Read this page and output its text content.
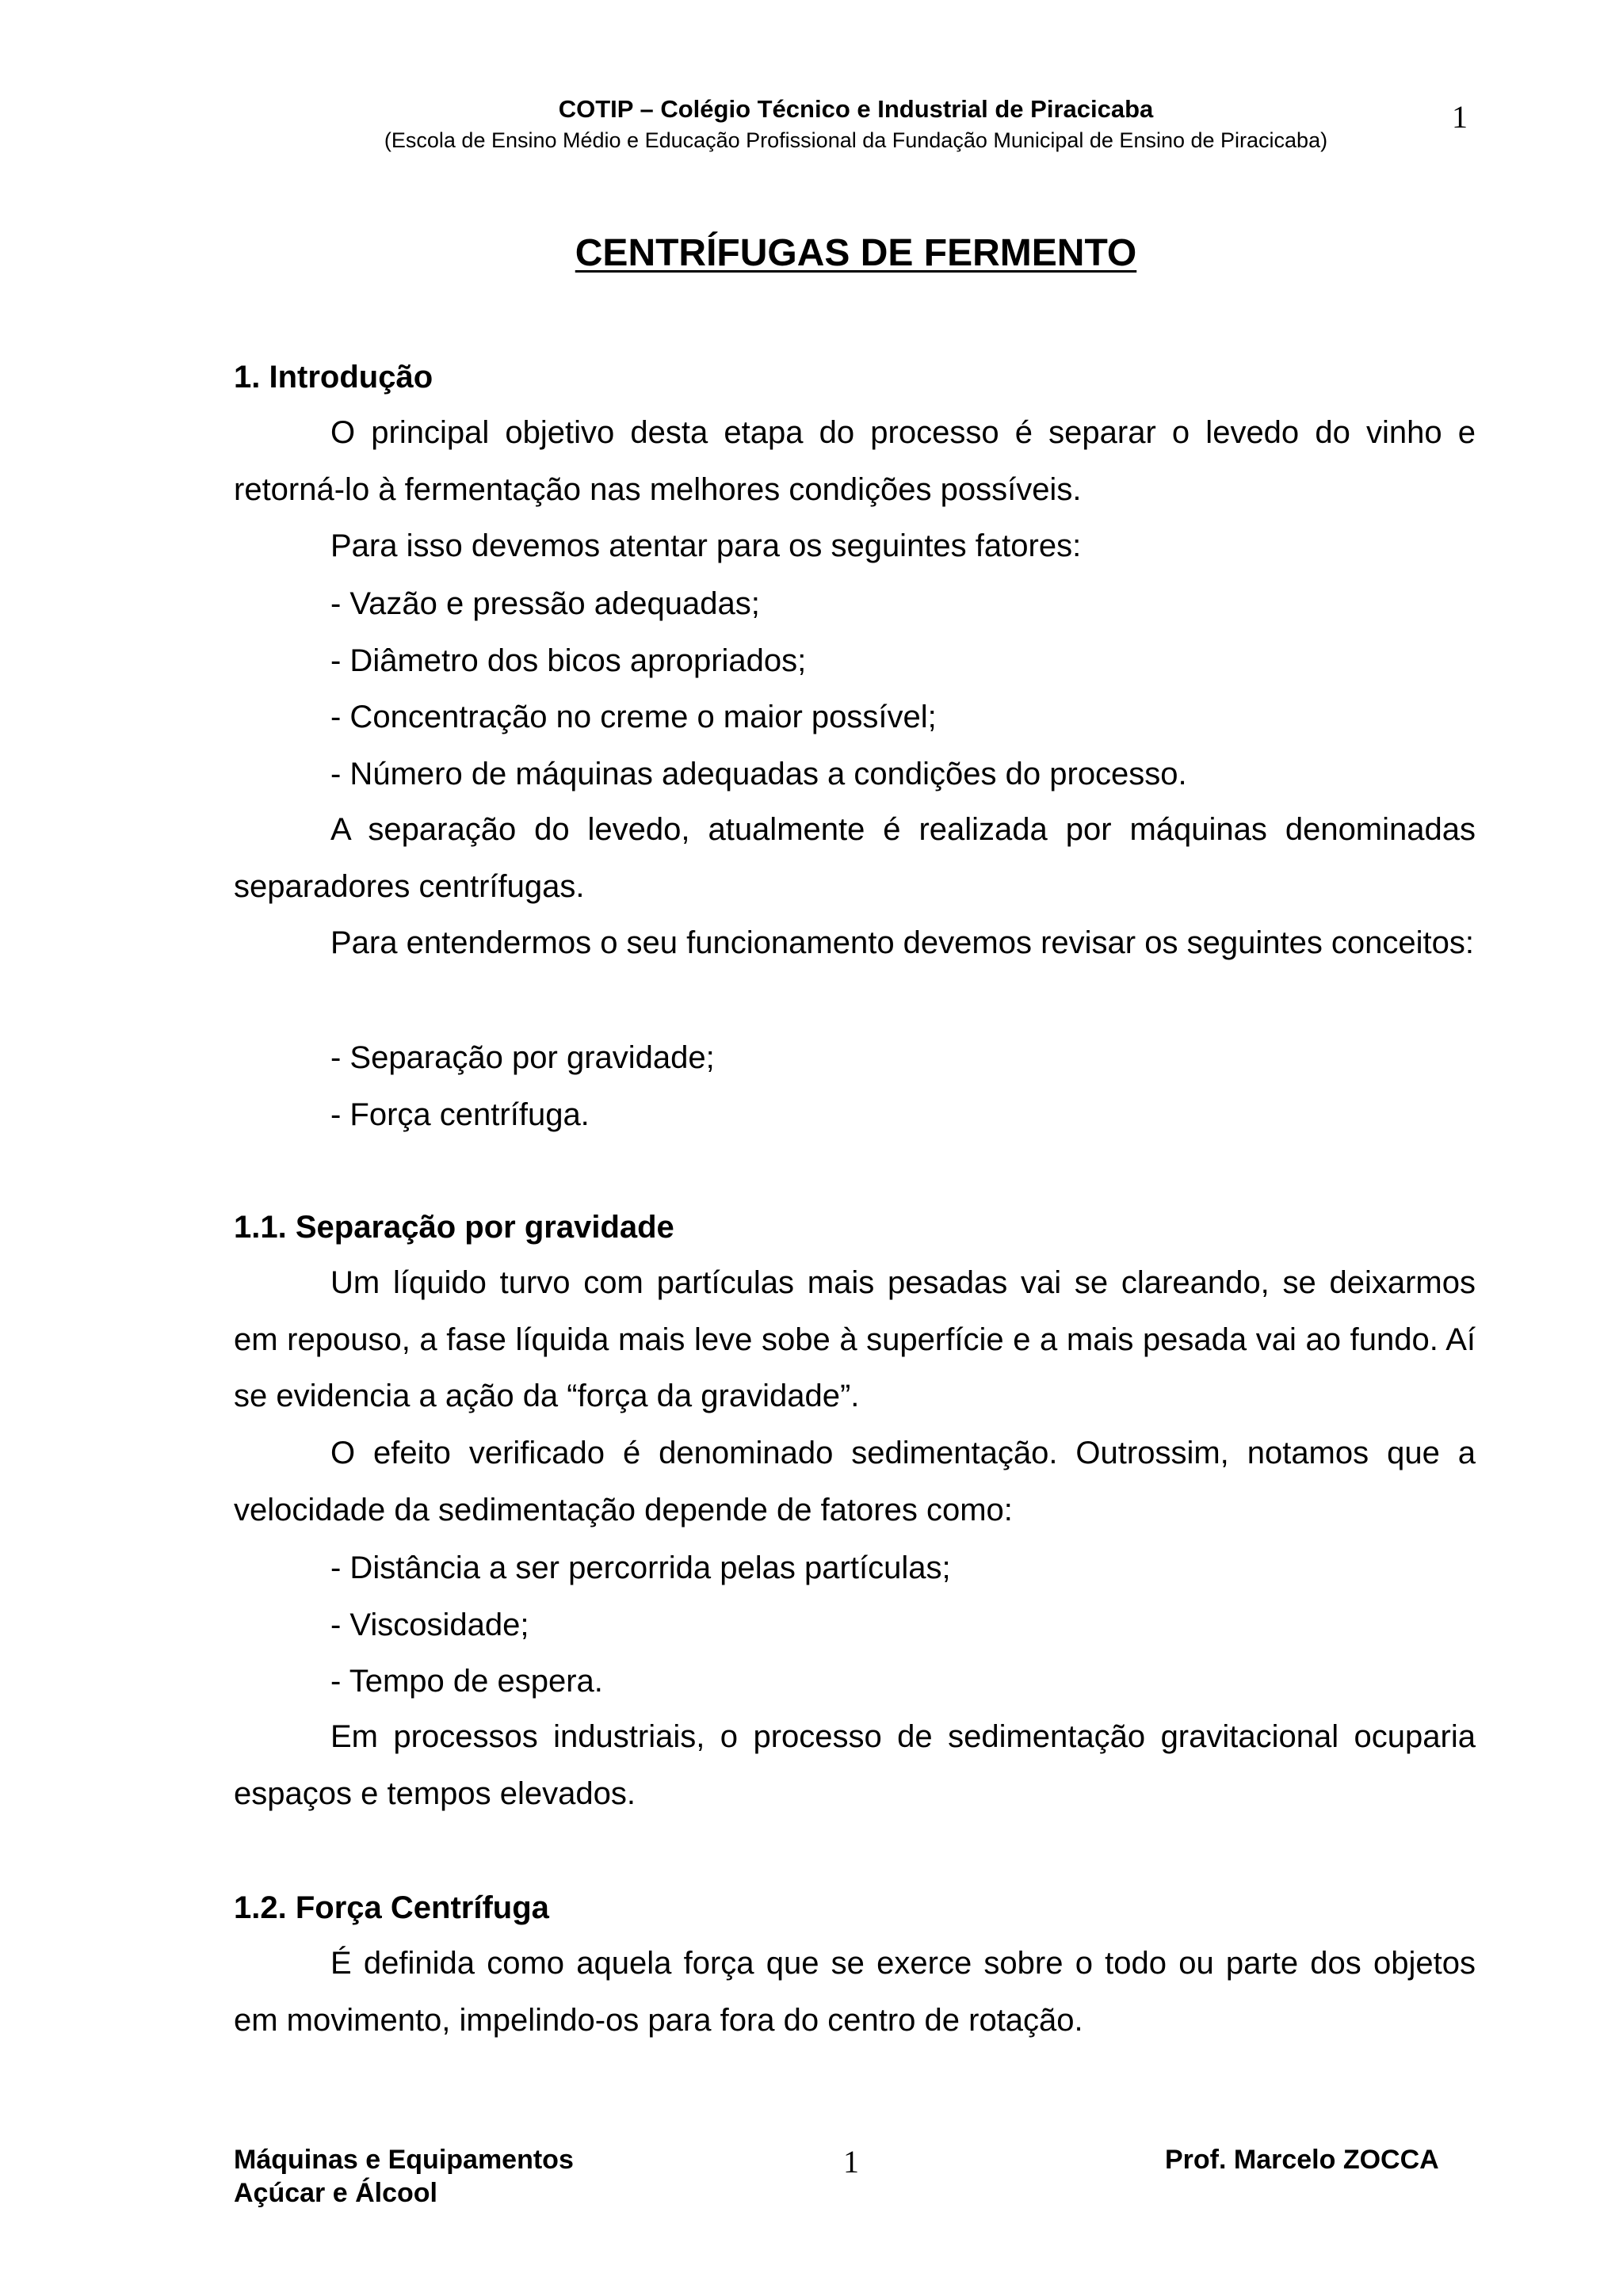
COTIP – Colégio Técnico e Industrial de Piracicaba
(Escola de Ensino Médio e Educação Profissional da Fundação Municipal de Ensino de Piracicaba)
1
CENTRÍFUGAS DE FERMENTO
1. Introdução
O principal objetivo desta etapa do processo é separar o levedo do vinho e retorná-lo à fermentação nas melhores condições possíveis.
Para isso devemos atentar para os seguintes fatores:
- Vazão e pressão adequadas;
- Diâmetro dos bicos apropriados;
- Concentração no creme o maior possível;
- Número de máquinas adequadas a condições do processo.
A separação do levedo, atualmente é realizada por máquinas denominadas separadores centrífugas.
Para entendermos o seu funcionamento devemos revisar os seguintes conceitos:
- Separação por gravidade;
- Força centrífuga.
1.1. Separação por gravidade
Um líquido turvo com partículas mais pesadas vai se clareando, se deixarmos em repouso, a fase líquida mais leve sobe à superfície e a mais pesada vai ao fundo. Aí se evidencia a ação da “força da gravidade”.
O efeito verificado é denominado sedimentação. Outrossim, notamos que a velocidade da sedimentação depende de fatores como:
- Distância a ser percorrida pelas partículas;
- Viscosidade;
- Tempo de espera.
Em processos industriais, o processo de sedimentação gravitacional ocuparia espaços e tempos elevados.
1.2. Força Centrífuga
É definida como aquela força que se exerce sobre o todo ou parte dos objetos em movimento, impelindo-os para fora do centro de rotação.
Máquinas e Equipamentos
Açúcar e Álcool
1	Prof. Marcelo ZOCCA
